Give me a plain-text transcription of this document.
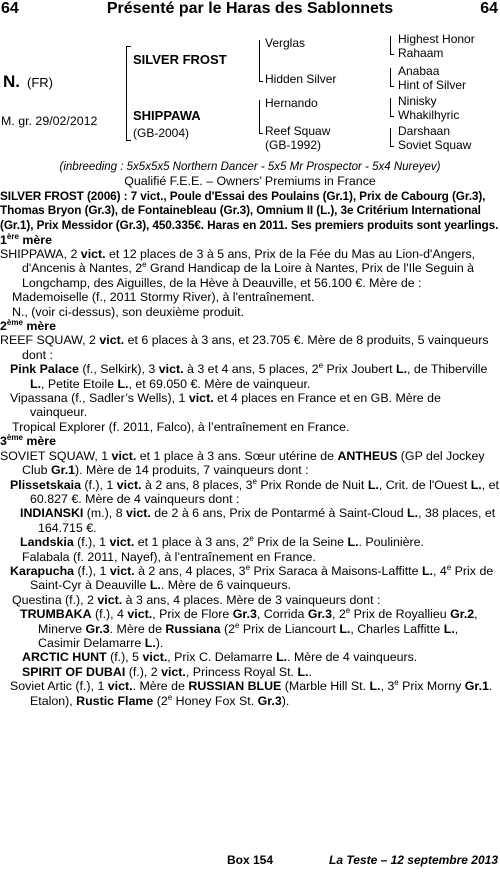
64	Présenté par le Haras des Sablonnets	64
N. (FR)
M. gr. 29/02/2012
SILVER FROST
SHIPPAWA
(GB-2004)
Verglas
Hidden Silver
Hernando
Reef Squaw
(GB-1992)
Highest Honor
Rahaam
Anabaa
Hint of Silver
Ninisky
Whakilhyric
Darshaan
Soviet Squaw

(inbreeding : 5x5x5x5 Northern Dancer - 5x5 Mr Prospector - 5x4 Nureyev)

Qualifié F.E.E. – Owners’ Premiums in France

SILVER FROST (2006) : 7 vict., Poule d'Essai des Poulains (Gr.1), Prix de Cabourg (Gr.3), Thomas Bryon (Gr.3), de Fontainebleau (Gr.3), Omnium II (L.), 3e Critérium International (Gr.1), Prix Messidor (Gr.3), 450.335€. Haras en 2011. Ses premiers produits sont yearlings.

1ère mère

SHIPPAWA, 2 vict. et 12 places de 3 à 5 ans, Prix de la Fée du Mas au Lion-d'Angers, d'Ancenis à Nantes, 2e Grand Handicap de la Loire à Nantes, Prix de l'Ile Seguin à Longchamp, des Aiguilles, de la Hève à Deauville, et 56.100 €. Mère de :

Mademoiselle (f., 2011 Stormy River), à l'entraînement.

N., (voir ci-dessus), son deuxième produit.

2ème mère

REEF SQUAW, 2 vict. et 6 places à 3 ans, et 23.705 €. Mère de 8 produits, 5 vainqueurs dont :

Pink Palace (f., Selkirk), 3 vict. à 3 et 4 ans, 5 places, 2e Prix Joubert L., de Thiberville L., Petite Etoile L., et 69.050 €. Mère de vainqueur.

Vipassana (f., Sadler’s Wells), 1 vict. et 4 places en France et en GB. Mère de vainqueur.

Tropical Explorer (f. 2011, Falco), à l’entraînement en France.

3ème mère

SOVIET SQUAW, 1 vict. et 1 place à 3 ans. Sœur utérine de ANTHEUS (GP del Jockey Club Gr.1). Mère de 14 produits, 7 vainqueurs dont :

Plissetskaia (f.), 1 vict. à 2 ans, 8 places, 3e Prix Ronde de Nuit L., Crit. de l'Ouest L., et 60.827 €. Mère de 4 vainqueurs dont :

INDIANSKI (m.), 8 vict. de 2 à 6 ans, Prix de Pontarmé à Saint-Cloud L., 38 places, et 164.715 €.

Landskia (f.), 1 vict. et 1 place à 3 ans, 2e Prix de la Seine L.. Poulinière.

Falabala (f. 2011, Nayef), à l’entraînement en France.

Karapucha (f.), 1 vict. à 2 ans, 4 places, 3e Prix Saraca à Maisons-Laffitte L., 4e Prix de Saint-Cyr à Deauville L.. Mère de 6 vainqueurs.

Questina (f.), 2 vict. à 3 ans, 4 places. Mère de 3 vainqueurs dont :

TRUMBAKA (f.), 4 vict., Prix de Flore Gr.3, Corrida Gr.3, 2e Prix de Royallieu Gr.2, Minerve Gr.3. Mère de Russiana (2e Prix de Liancourt L., Charles Laffitte L., Casimir Delamarre L.).

ARCTIC HUNT (f.), 5 vict., Prix C. Delamarre L.. Mère de 4 vainqueurs.

SPIRIT OF DUBAI (f.), 2 vict., Princess Royal St. L..

Soviet Artic (f.), 1 vict.. Mère de RUSSIAN BLUE (Marble Hill St. L., 3e Prix Morny Gr.1. Etalon), Rustic Flame (2e Honey Fox St. Gr.3).

Box 154	La Teste – 12 septembre 2013
